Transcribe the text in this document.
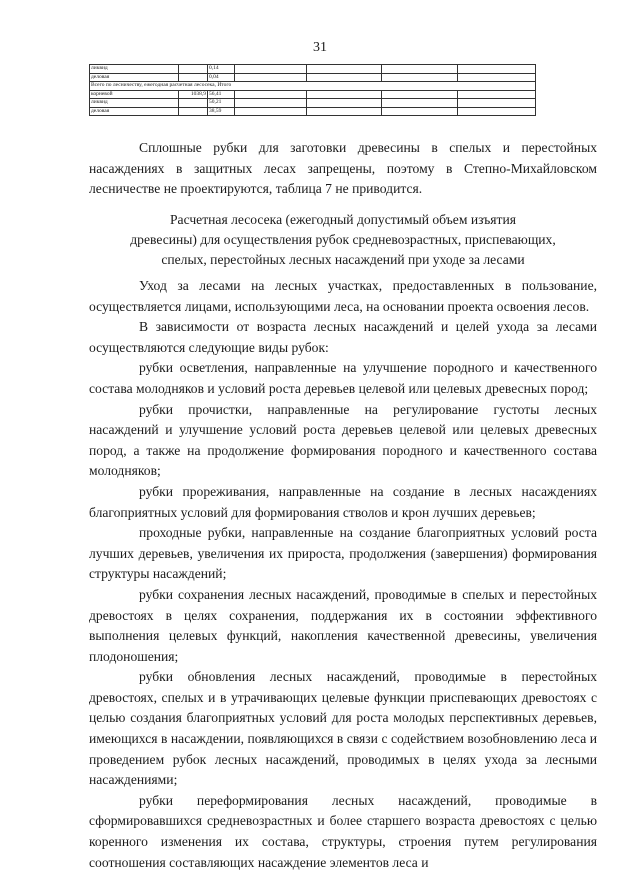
31
ликвид		0,14				
деловая		0,04				
Всего по лесничеству, ежегодная расчетная лесосека, Итого						
корневой	1038,9	56,41				
ликвид		50,21				
деловая		38,59				

Сплошные рубки для заготовки древесины в спелых и перестойных насаждениях в защитных лесах запрещены, поэтому в Степно-Михайловском лесничестве не проектируются, таблица 7 не приводится.

Расчетная лесосека (ежегодный допустимый объем изъятия
древесины) для осуществления рубок средневозрастных, приспевающих,
спелых, перестойных лесных насаждений при уходе за лесами

Уход за лесами на лесных участках, предоставленных в пользование, осуществляется лицами, использующими леса, на основании проекта освоения лесов.

В зависимости от возраста лесных насаждений и целей ухода за лесами осуществляются следующие виды рубок:

рубки осветления, направленные на улучшение породного и качественного состава молодняков и условий роста деревьев целевой или целевых древесных пород;

рубки прочистки, направленные на регулирование густоты лесных насаждений и улучшение условий роста деревьев целевой или целевых древесных пород, а также на продолжение формирования породного и качественного состава молодняков;

рубки прореживания, направленные на создание в лесных насаждениях благоприятных условий для формирования стволов и крон лучших деревьев;

проходные рубки, направленные на создание благоприятных условий роста лучших деревьев, увеличения их прироста, продолжения (завершения) формирования структуры насаждений;

рубки сохранения лесных насаждений, проводимые в спелых и перестойных древостоях в целях сохранения, поддержания их в состоянии эффективного выполнения целевых функций, накопления качественной древесины, увеличения плодоношения;

рубки обновления лесных насаждений, проводимые в перестойных древостоях, спелых и в утрачивающих целевые функции приспевающих древостоях с целью создания благоприятных условий для роста молодых перспективных деревьев, имеющихся в насаждении, появляющихся в связи с содействием возобновлению леса и проведением рубок лесных насаждений, проводимых в целях ухода за лесными насаждениями;

рубки переформирования лесных насаждений, проводимые в сформировавшихся средневозрастных и более старшего возраста древостоях с целью коренного изменения их состава, структуры, строения путем регулирования соотношения составляющих насаждение элементов леса и
